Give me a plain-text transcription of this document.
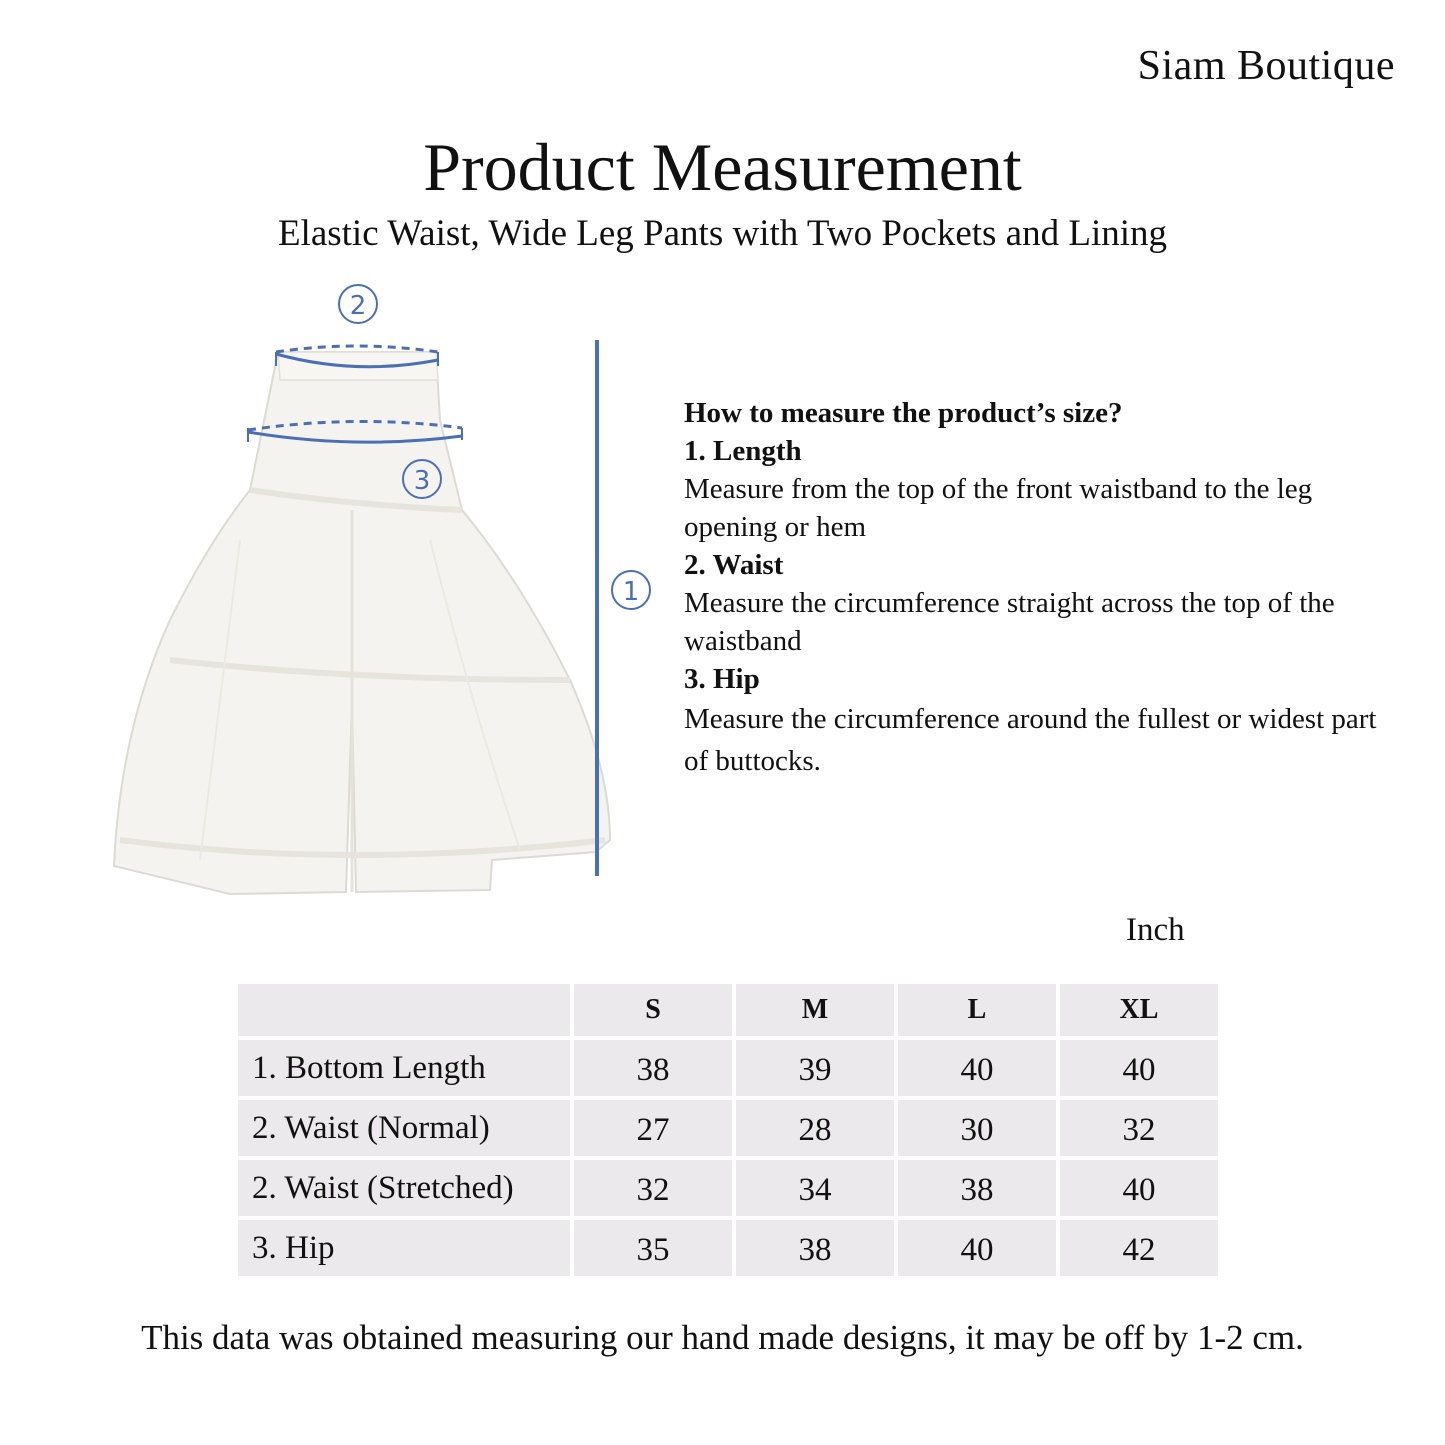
Siam Boutique
Product Measurement
Elastic Waist, Wide Leg Pants with Two Pockets and Lining
2
3
1
How to measure the product’s size?
1. Length

Measure from the top of the front waistband to the leg opening or hem

2. Waist

Measure the circumference straight across the top of the waistband

3. Hip

Measure the circumference around the fullest or widest part of buttocks.

Inch
	S	M	L	XL
1. Bottom Length	38	39	40	40
2. Waist (Normal)	27	28	30	32
2. Waist (Stretched)	32	34	38	40
3. Hip	35	38	40	42
This data was obtained measuring our hand made designs, it may be off by 1-2 cm.
